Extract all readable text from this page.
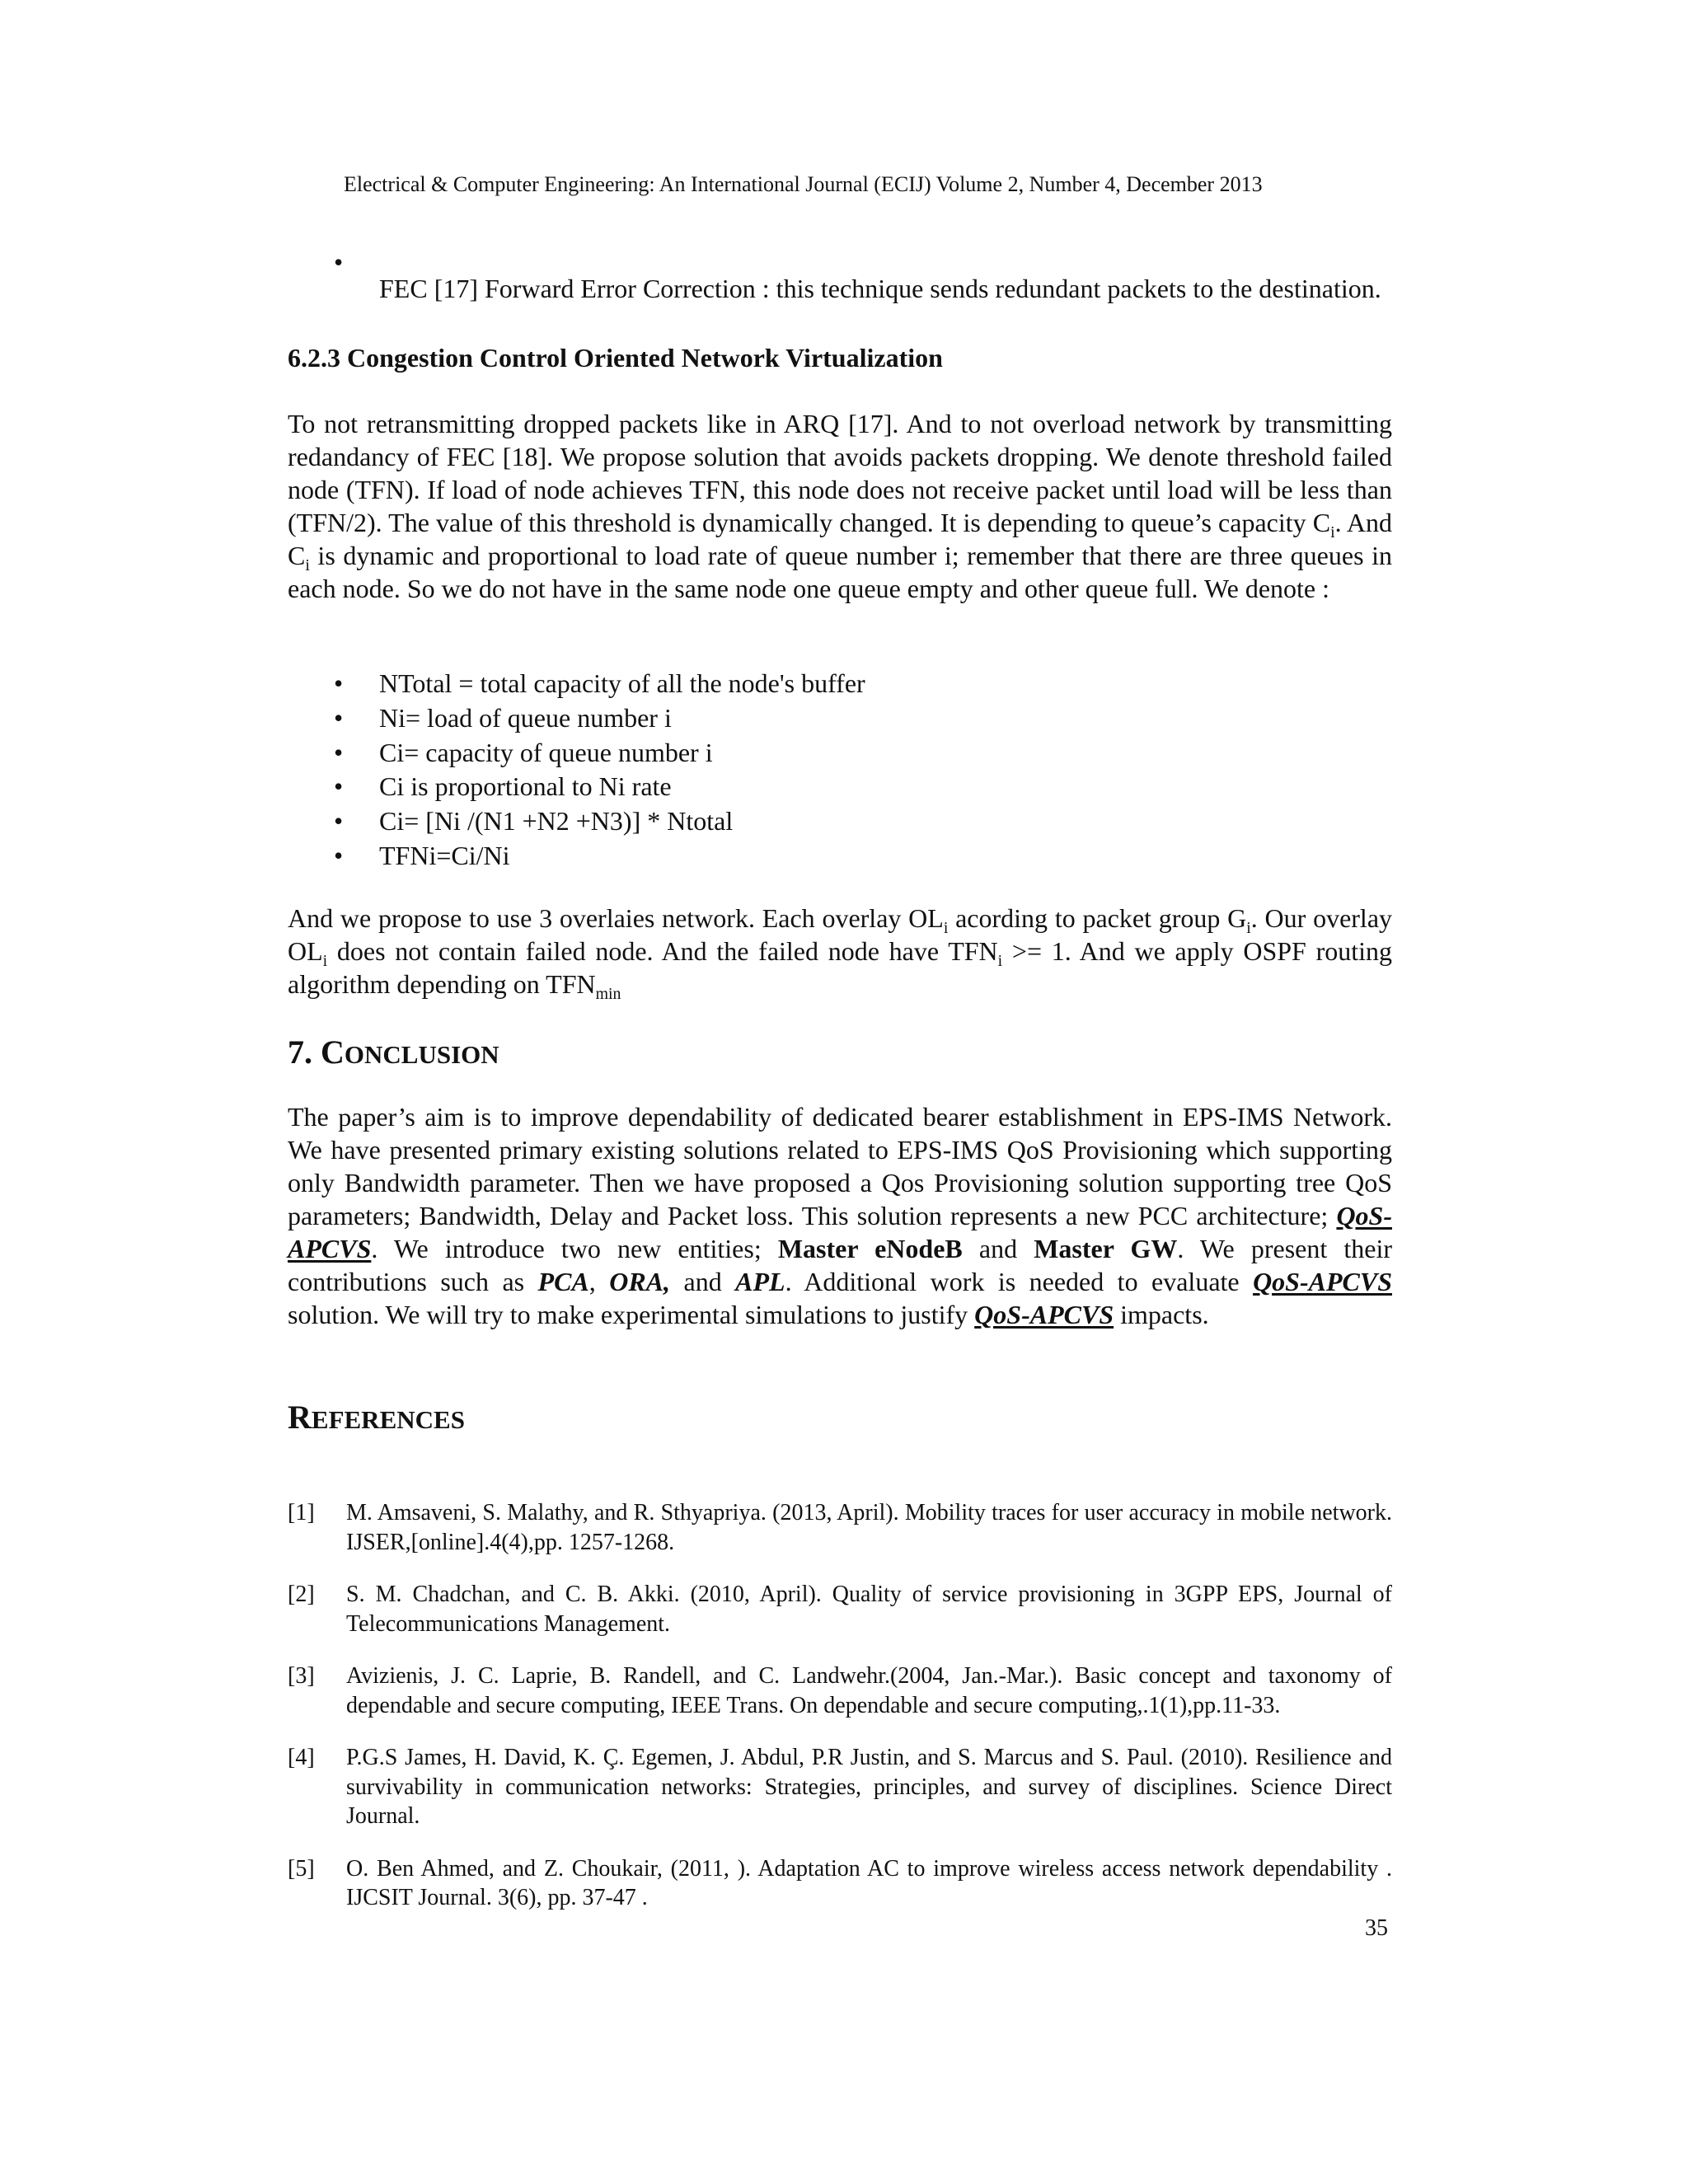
Electrical & Computer Engineering: An International Journal (ECIJ) Volume 2, Number 4, December 2013
•

FEC [17] Forward Error Correction : this technique sends redundant packets to the destination.

6.2.3 Congestion Control Oriented Network Virtualization

To not retransmitting dropped packets like in ARQ [17]. And to not overload network by transmitting redandancy of FEC [18]. We propose solution that avoids packets dropping. We denote threshold failed node (TFN). If load of node achieves TFN, this node does not receive packet until load will be less than (TFN/2). The value of this threshold is dynamically changed. It is depending to queue’s capacity $C_i$. And $C_i$ is dynamic and proportional to load rate of queue number i; remember that there are three queues in each node. So we do not have in the same node one queue empty and other queue full. We denote :

• NTotal = total capacity of all the node's buffer
• Ni= load of queue number i
• Ci= capacity of queue number i
• Ci is proportional to Ni rate
• Ci= [Ni /(N1 +N2 +N3)] * Ntotal
• TFNi=Ci/Ni

And we propose to use 3 overlaies network. Each overlay $OL_i$ acording to packet group $G_i$. Our overlay $OL_i$ does not contain failed node. And the failed node have $TFN_i >= 1$. And we apply OSPF routing algorithm depending on $TFN_{min}$

7. CONCLUSION

The paper’s aim is to improve dependability of dedicated bearer establishment in EPS-IMS Network. We have presented primary existing solutions related to EPS-IMS QoS Provisioning which supporting only Bandwidth parameter. Then we have proposed a Qos Provisioning solution supporting tree QoS parameters; Bandwidth, Delay and Packet loss. This solution represents a new PCC architecture; QoS-APCVS. We introduce two new entities; Master eNodeB and Master GW. We present their contributions such as PCA, ORA, and APL. Additional work is needed to evaluate QoS-APCVS solution. We will try to make experimental simulations to justify QoS-APCVS impacts.

REFERENCES
[1] M. Amsaveni, S. Malathy, and R. Sthyapriya. (2013, April). Mobility traces for user accuracy in mobile network. IJSER,[online].4(4),pp. 1257-1268.

[2] S. M. Chadchan, and C. B. Akki. (2010, April). Quality of service provisioning in 3GPP EPS, Journal of Telecommunications Management.

[3] Avizienis, J. C. Laprie, B. Randell, and C. Landwehr.(2004, Jan.-Mar.). Basic concept and taxonomy of dependable and secure computing, IEEE Trans. On dependable and secure computing,.1(1),pp.11-33.

[4] P.G.S James, H. David, K. Ç. Egemen, J. Abdul, P.R Justin, and S. Marcus and S. Paul. (2010). Resilience and survivability in communication networks: Strategies, principles, and survey of disciplines. Science Direct Journal.

[5] O. Ben Ahmed, and Z. Choukair, (2011, ). Adaptation AC to improve wireless access network dependability . IJCSIT Journal. 3(6), pp. 37-47 .

35
